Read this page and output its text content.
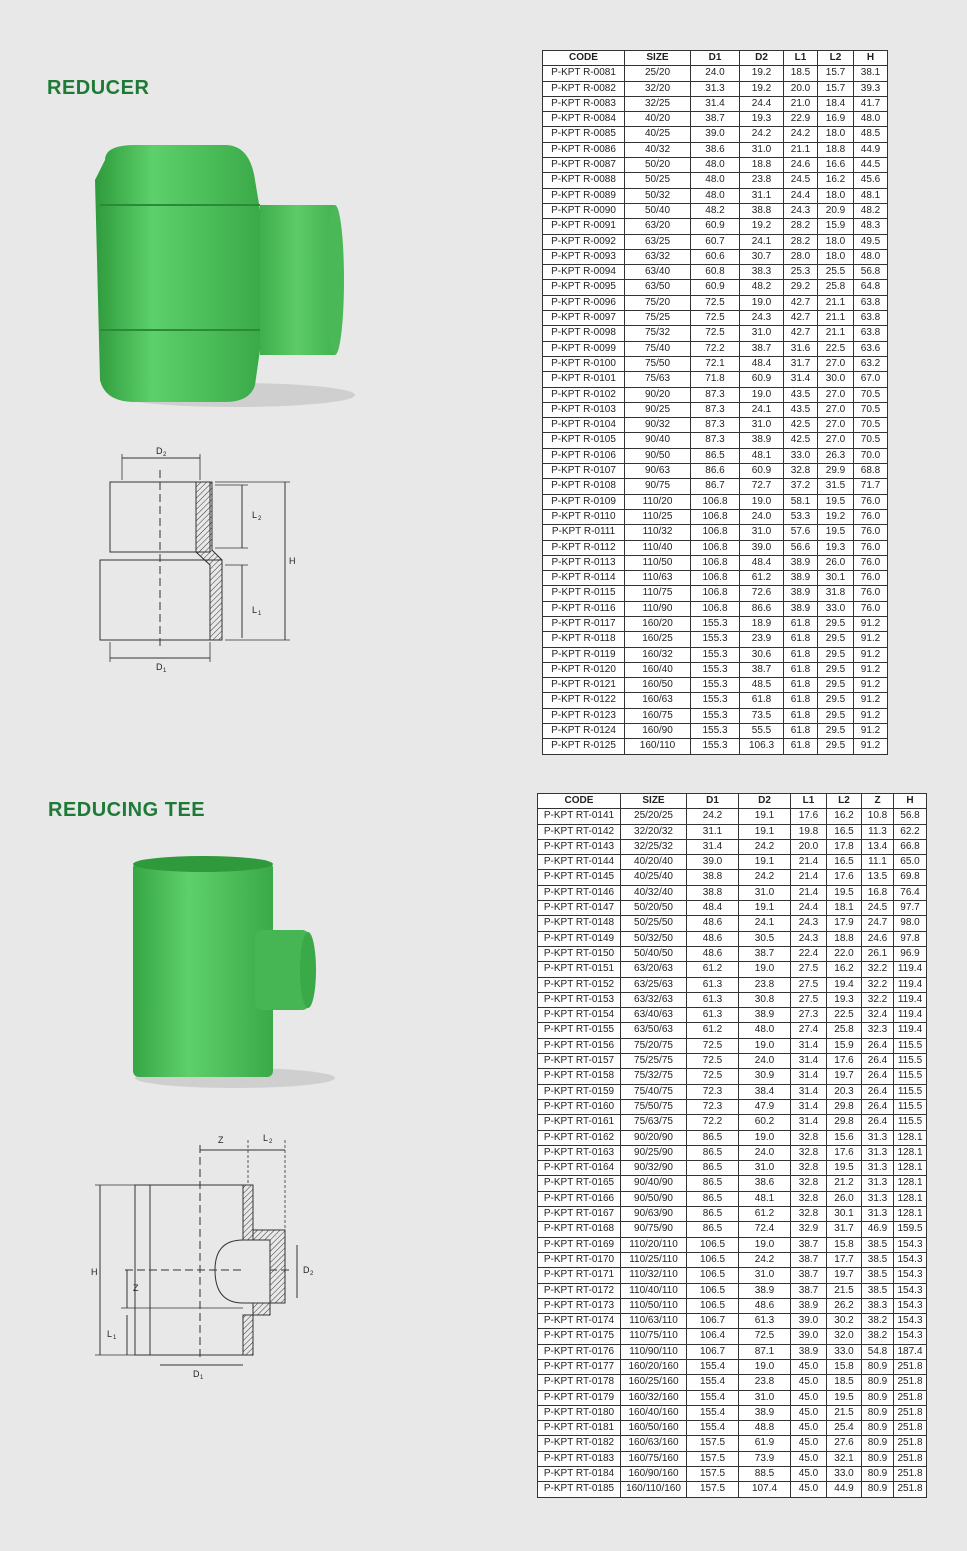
REDUCER
D 2
L 2
H
L 1
D 1
CODE	SIZE	D1	D2	L1	L2	H
P-KPT R-0081	25/20	24.0	19.2	18.5	15.7	38.1
P-KPT R-0082	32/20	31.3	19.2	20.0	15.7	39.3
P-KPT R-0083	32/25	31.4	24.4	21.0	18.4	41.7
P-KPT R-0084	40/20	38.7	19.3	22.9	16.9	48.0
P-KPT R-0085	40/25	39.0	24.2	24.2	18.0	48.5
P-KPT R-0086	40/32	38.6	31.0	21.1	18.8	44.9
P-KPT R-0087	50/20	48.0	18.8	24.6	16.6	44.5
P-KPT R-0088	50/25	48.0	23.8	24.5	16.2	45.6
P-KPT R-0089	50/32	48.0	31.1	24.4	18.0	48.1
P-KPT R-0090	50/40	48.2	38.8	24.3	20.9	48.2
P-KPT R-0091	63/20	60.9	19.2	28.2	15.9	48.3
P-KPT R-0092	63/25	60.7	24.1	28.2	18.0	49.5
P-KPT R-0093	63/32	60.6	30.7	28.0	18.0	48.0
P-KPT R-0094	63/40	60.8	38.3	25.3	25.5	56.8
P-KPT R-0095	63/50	60.9	48.2	29.2	25.8	64.8
P-KPT R-0096	75/20	72.5	19.0	42.7	21.1	63.8
P-KPT R-0097	75/25	72.5	24.3	42.7	21.1	63.8
P-KPT R-0098	75/32	72.5	31.0	42.7	21.1	63.8
P-KPT R-0099	75/40	72.2	38.7	31.6	22.5	63.6
P-KPT R-0100	75/50	72.1	48.4	31.7	27.0	63.2
P-KPT R-0101	75/63	71.8	60.9	31.4	30.0	67.0
P-KPT R-0102	90/20	87.3	19.0	43.5	27.0	70.5
P-KPT R-0103	90/25	87.3	24.1	43.5	27.0	70.5
P-KPT R-0104	90/32	87.3	31.0	42.5	27.0	70.5
P-KPT R-0105	90/40	87.3	38.9	42.5	27.0	70.5
P-KPT R-0106	90/50	86.5	48.1	33.0	26.3	70.0
P-KPT R-0107	90/63	86.6	60.9	32.8	29.9	68.8
P-KPT R-0108	90/75	86.7	72.7	37.2	31.5	71.7
P-KPT R-0109	110/20	106.8	19.0	58.1	19.5	76.0
P-KPT R-0110	110/25	106.8	24.0	53.3	19.2	76.0
P-KPT R-0111	110/32	106.8	31.0	57.6	19.5	76.0
P-KPT R-0112	110/40	106.8	39.0	56.6	19.3	76.0
P-KPT R-0113	110/50	106.8	48.4	38.9	26.0	76.0
P-KPT R-0114	110/63	106.8	61.2	38.9	30.1	76.0
P-KPT R-0115	110/75	106.8	72.6	38.9	31.8	76.0
P-KPT R-0116	110/90	106.8	86.6	38.9	33.0	76.0
P-KPT R-0117	160/20	155.3	18.9	61.8	29.5	91.2
P-KPT R-0118	160/25	155.3	23.9	61.8	29.5	91.2
P-KPT R-0119	160/32	155.3	30.6	61.8	29.5	91.2
P-KPT R-0120	160/40	155.3	38.7	61.8	29.5	91.2
P-KPT R-0121	160/50	155.3	48.5	61.8	29.5	91.2
P-KPT R-0122	160/63	155.3	61.8	61.8	29.5	91.2
P-KPT R-0123	160/75	155.3	73.5	61.8	29.5	91.2
P-KPT R-0124	160/90	155.3	55.5	61.8	29.5	91.2
P-KPT R-0125	160/110	155.3	106.3	61.8	29.5	91.2
REDUCING TEE
Z	L 2
H
Z
L 1
D 2
D 1
CODE	SIZE	D1	D2	L1	L2	Z	H
P-KPT RT-0141	25/20/25	24.2	19.1	17.6	16.2	10.8	56.8
P-KPT RT-0142	32/20/32	31.1	19.1	19.8	16.5	11.3	62.2
P-KPT RT-0143	32/25/32	31.4	24.2	20.0	17.8	13.4	66.8
P-KPT RT-0144	40/20/40	39.0	19.1	21.4	16.5	11.1	65.0
P-KPT RT-0145	40/25/40	38.8	24.2	21.4	17.6	13.5	69.8
P-KPT RT-0146	40/32/40	38.8	31.0	21.4	19.5	16.8	76.4
P-KPT RT-0147	50/20/50	48.4	19.1	24.4	18.1	24.5	97.7
P-KPT RT-0148	50/25/50	48.6	24.1	24.3	17.9	24.7	98.0
P-KPT RT-0149	50/32/50	48.6	30.5	24.3	18.8	24.6	97.8
P-KPT RT-0150	50/40/50	48.6	38.7	22.4	22.0	26.1	96.9
P-KPT RT-0151	63/20/63	61.2	19.0	27.5	16.2	32.2	119.4
P-KPT RT-0152	63/25/63	61.3	23.8	27.5	19.4	32.2	119.4
P-KPT RT-0153	63/32/63	61.3	30.8	27.5	19.3	32.2	119.4
P-KPT RT-0154	63/40/63	61.3	38.9	27.3	22.5	32.4	119.4
P-KPT RT-0155	63/50/63	61.2	48.0	27.4	25.8	32.3	119.4
P-KPT RT-0156	75/20/75	72.5	19.0	31.4	15.9	26.4	115.5
P-KPT RT-0157	75/25/75	72.5	24.0	31.4	17.6	26.4	115.5
P-KPT RT-0158	75/32/75	72.5	30.9	31.4	19.7	26.4	115.5
P-KPT RT-0159	75/40/75	72.3	38.4	31.4	20.3	26.4	115.5
P-KPT RT-0160	75/50/75	72.3	47.9	31.4	29.8	26.4	115.5
P-KPT RT-0161	75/63/75	72.2	60.2	31.4	29.8	26.4	115.5
P-KPT RT-0162	90/20/90	86.5	19.0	32.8	15.6	31.3	128.1
P-KPT RT-0163	90/25/90	86.5	24.0	32.8	17.6	31.3	128.1
P-KPT RT-0164	90/32/90	86.5	31.0	32.8	19.5	31.3	128.1
P-KPT RT-0165	90/40/90	86.5	38.6	32.8	21.2	31.3	128.1
P-KPT RT-0166	90/50/90	86.5	48.1	32.8	26.0	31.3	128.1
P-KPT RT-0167	90/63/90	86.5	61.2	32.8	30.1	31.3	128.1
P-KPT RT-0168	90/75/90	86.5	72.4	32.9	31.7	46.9	159.5
P-KPT RT-0169	110/20/110	106.5	19.0	38.7	15.8	38.5	154.3
P-KPT RT-0170	110/25/110	106.5	24.2	38.7	17.7	38.5	154.3
P-KPT RT-0171	110/32/110	106.5	31.0	38.7	19.7	38.5	154.3
P-KPT RT-0172	110/40/110	106.5	38.9	38.7	21.5	38.5	154.3
P-KPT RT-0173	110/50/110	106.5	48.6	38.9	26.2	38.3	154.3
P-KPT RT-0174	110/63/110	106.7	61.3	39.0	30.2	38.2	154.3
P-KPT RT-0175	110/75/110	106.4	72.5	39.0	32.0	38.2	154.3
P-KPT RT-0176	110/90/110	106.7	87.1	38.9	33.0	54.8	187.4
P-KPT RT-0177	160/20/160	155.4	19.0	45.0	15.8	80.9	251.8
P-KPT RT-0178	160/25/160	155.4	23.8	45.0	18.5	80.9	251.8
P-KPT RT-0179	160/32/160	155.4	31.0	45.0	19.5	80.9	251.8
P-KPT RT-0180	160/40/160	155.4	38.9	45.0	21.5	80.9	251.8
P-KPT RT-0181	160/50/160	155.4	48.8	45.0	25.4	80.9	251.8
P-KPT RT-0182	160/63/160	157.5	61.9	45.0	27.6	80.9	251.8
P-KPT RT-0183	160/75/160	157.5	73.9	45.0	32.1	80.9	251.8
P-KPT RT-0184	160/90/160	157.5	88.5	45.0	33.0	80.9	251.8
P-KPT RT-0185	160/110/160	157.5	107.4	45.0	44.9	80.9	251.8
